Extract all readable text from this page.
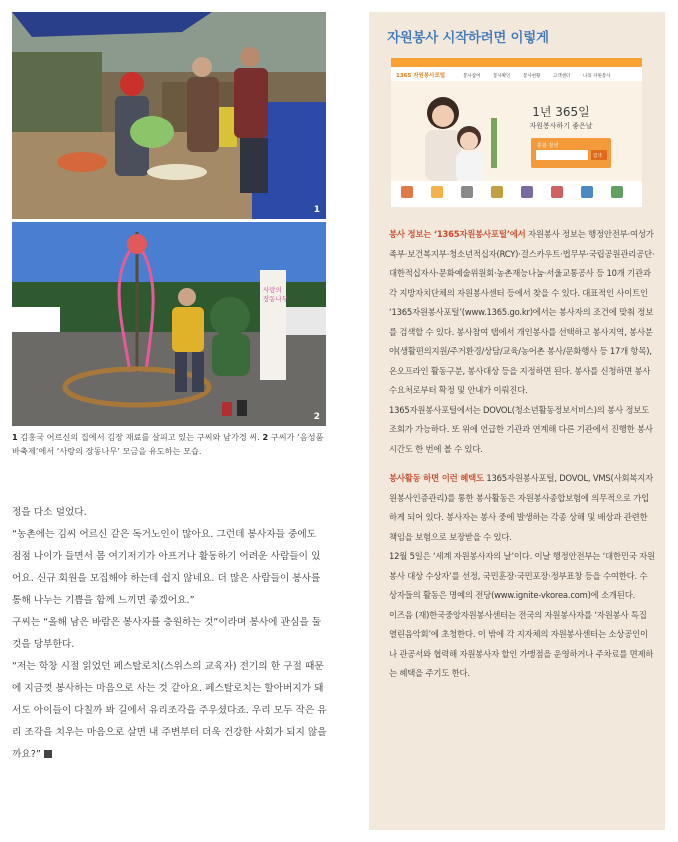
1
사랑의 장동나무
2

1 김홍국 어르신의 집에서 김장 재료를 살피고 있는 구씨와 남가경 씨. 2 구씨가 ‘음성품바축제’에서 ‘사랑의 장동나무’ 모금을 유도하는 모습.

정을 다소 덜었다.

“농촌에는 김씨 어르신 같은 독거노인이 많아요. 그런데 봉사자들 중에도 점점 나이가 들면서 몸 여기저기가 아프거나 활동하기 어려운 사람들이 있어요. 신규 회원을 모집해야 하는데 쉽지 않네요. 더 많은 사람들이 봉사를 통해 나누는 기쁨을 함께 느끼면 좋겠어요.”

구씨는 “올해 남은 바람은 봉사자를 충원하는 것”이라며 봉사에 관심을 둘 것을 당부한다.

“저는 학창 시절 읽었던 페스탈로치(스위스의 교육자) 전기의 한 구절 때문에 지금껏 봉사하는 마음으로 사는 것 같아요. 페스탈로치는 할아버지가 돼서도 아이들이 다칠까 봐 길에서 유리조각을 주우셨다죠. 우리 모두 작은 유리 조각을 치우는 마음으로 살면 내 주변부터 더욱 건강한 사회가 되지 않을까요?”

자원봉사 시작하려면 이렇게
1365 자원봉사포털	봉사참여	봉사확인	봉사현황	고객센터	나의 자원봉사
1년 365일
자원봉사하기 좋은날
통합 검색
검색

봉사 정보는 ‘1365자원봉사포털’에서 자원봉사 정보는 행정안전부·여성가족부·보건복지부·청소년적십자(RCY)·걸스카우트·법무부·국립공원관리공단·대한적십자사·문화예술위원회·농촌재능나눔·서울교통공사 등 10개 기관과 각 지방자치단체의 자원봉사센터 등에서 찾을 수 있다. 대표적인 사이트인 ‘1365자원봉사포털’(www.1365.go.kr)에서는 봉사자의 조건에 맞춰 정보를 검색할 수 있다. 봉사참여 탭에서 개인봉사를 선택하고 봉사지역, 봉사분야(생활편의지원/주거환경/상담/교육/농어촌 봉사/문화행사 등 17개 항목), 온오프라인 활동구분, 봉사대상 등을 지정하면 된다. 봉사를 신청하면 봉사 수요처로부터 확정 및 안내가 이뤄진다.

1365자원봉사포털에서는 DOVOL(청소년활동정보서비스)의 봉사 정보도 조회가 가능하다. 또 위에 언급한 기관과 연계해 다른 기관에서 진행한 봉사 시간도 한 번에 볼 수 있다.

봉사활동 하면 이런 혜택도 1365자원봉사포털, DOVOL, VMS(사회복지자원봉사인증관리)를 통한 봉사활동은 자원봉사종합보험에 의무적으로 가입하게 되어 있다. 봉사자는 봉사 중에 발생하는 각종 상해 및 배상과 관련한 책임을 보험으로 보장받을 수 있다.

12월 5일은 ‘세계 자원봉사자의 날’이다. 이날 행정안전부는 ‘대한민국 자원봉사 대상 수상자’를 선정, 국민훈장·국민포장·정부표창 등을 수여한다. 수상자들의 활동은 명예의 전당(www.ignite-vkorea.com)에 소개된다.

이즈음 (재)한국중앙자원봉사센터는 전국의 자원봉사자를 ‘자원봉사 특집 열린음악회’에 초청한다. 이 밖에 각 지자체의 자원봉사센터는 소상공인이나 관공서와 협력해 자원봉사자 할인 가맹점을 운영하거나 주차료를 면제하는 혜택을 주기도 한다.
